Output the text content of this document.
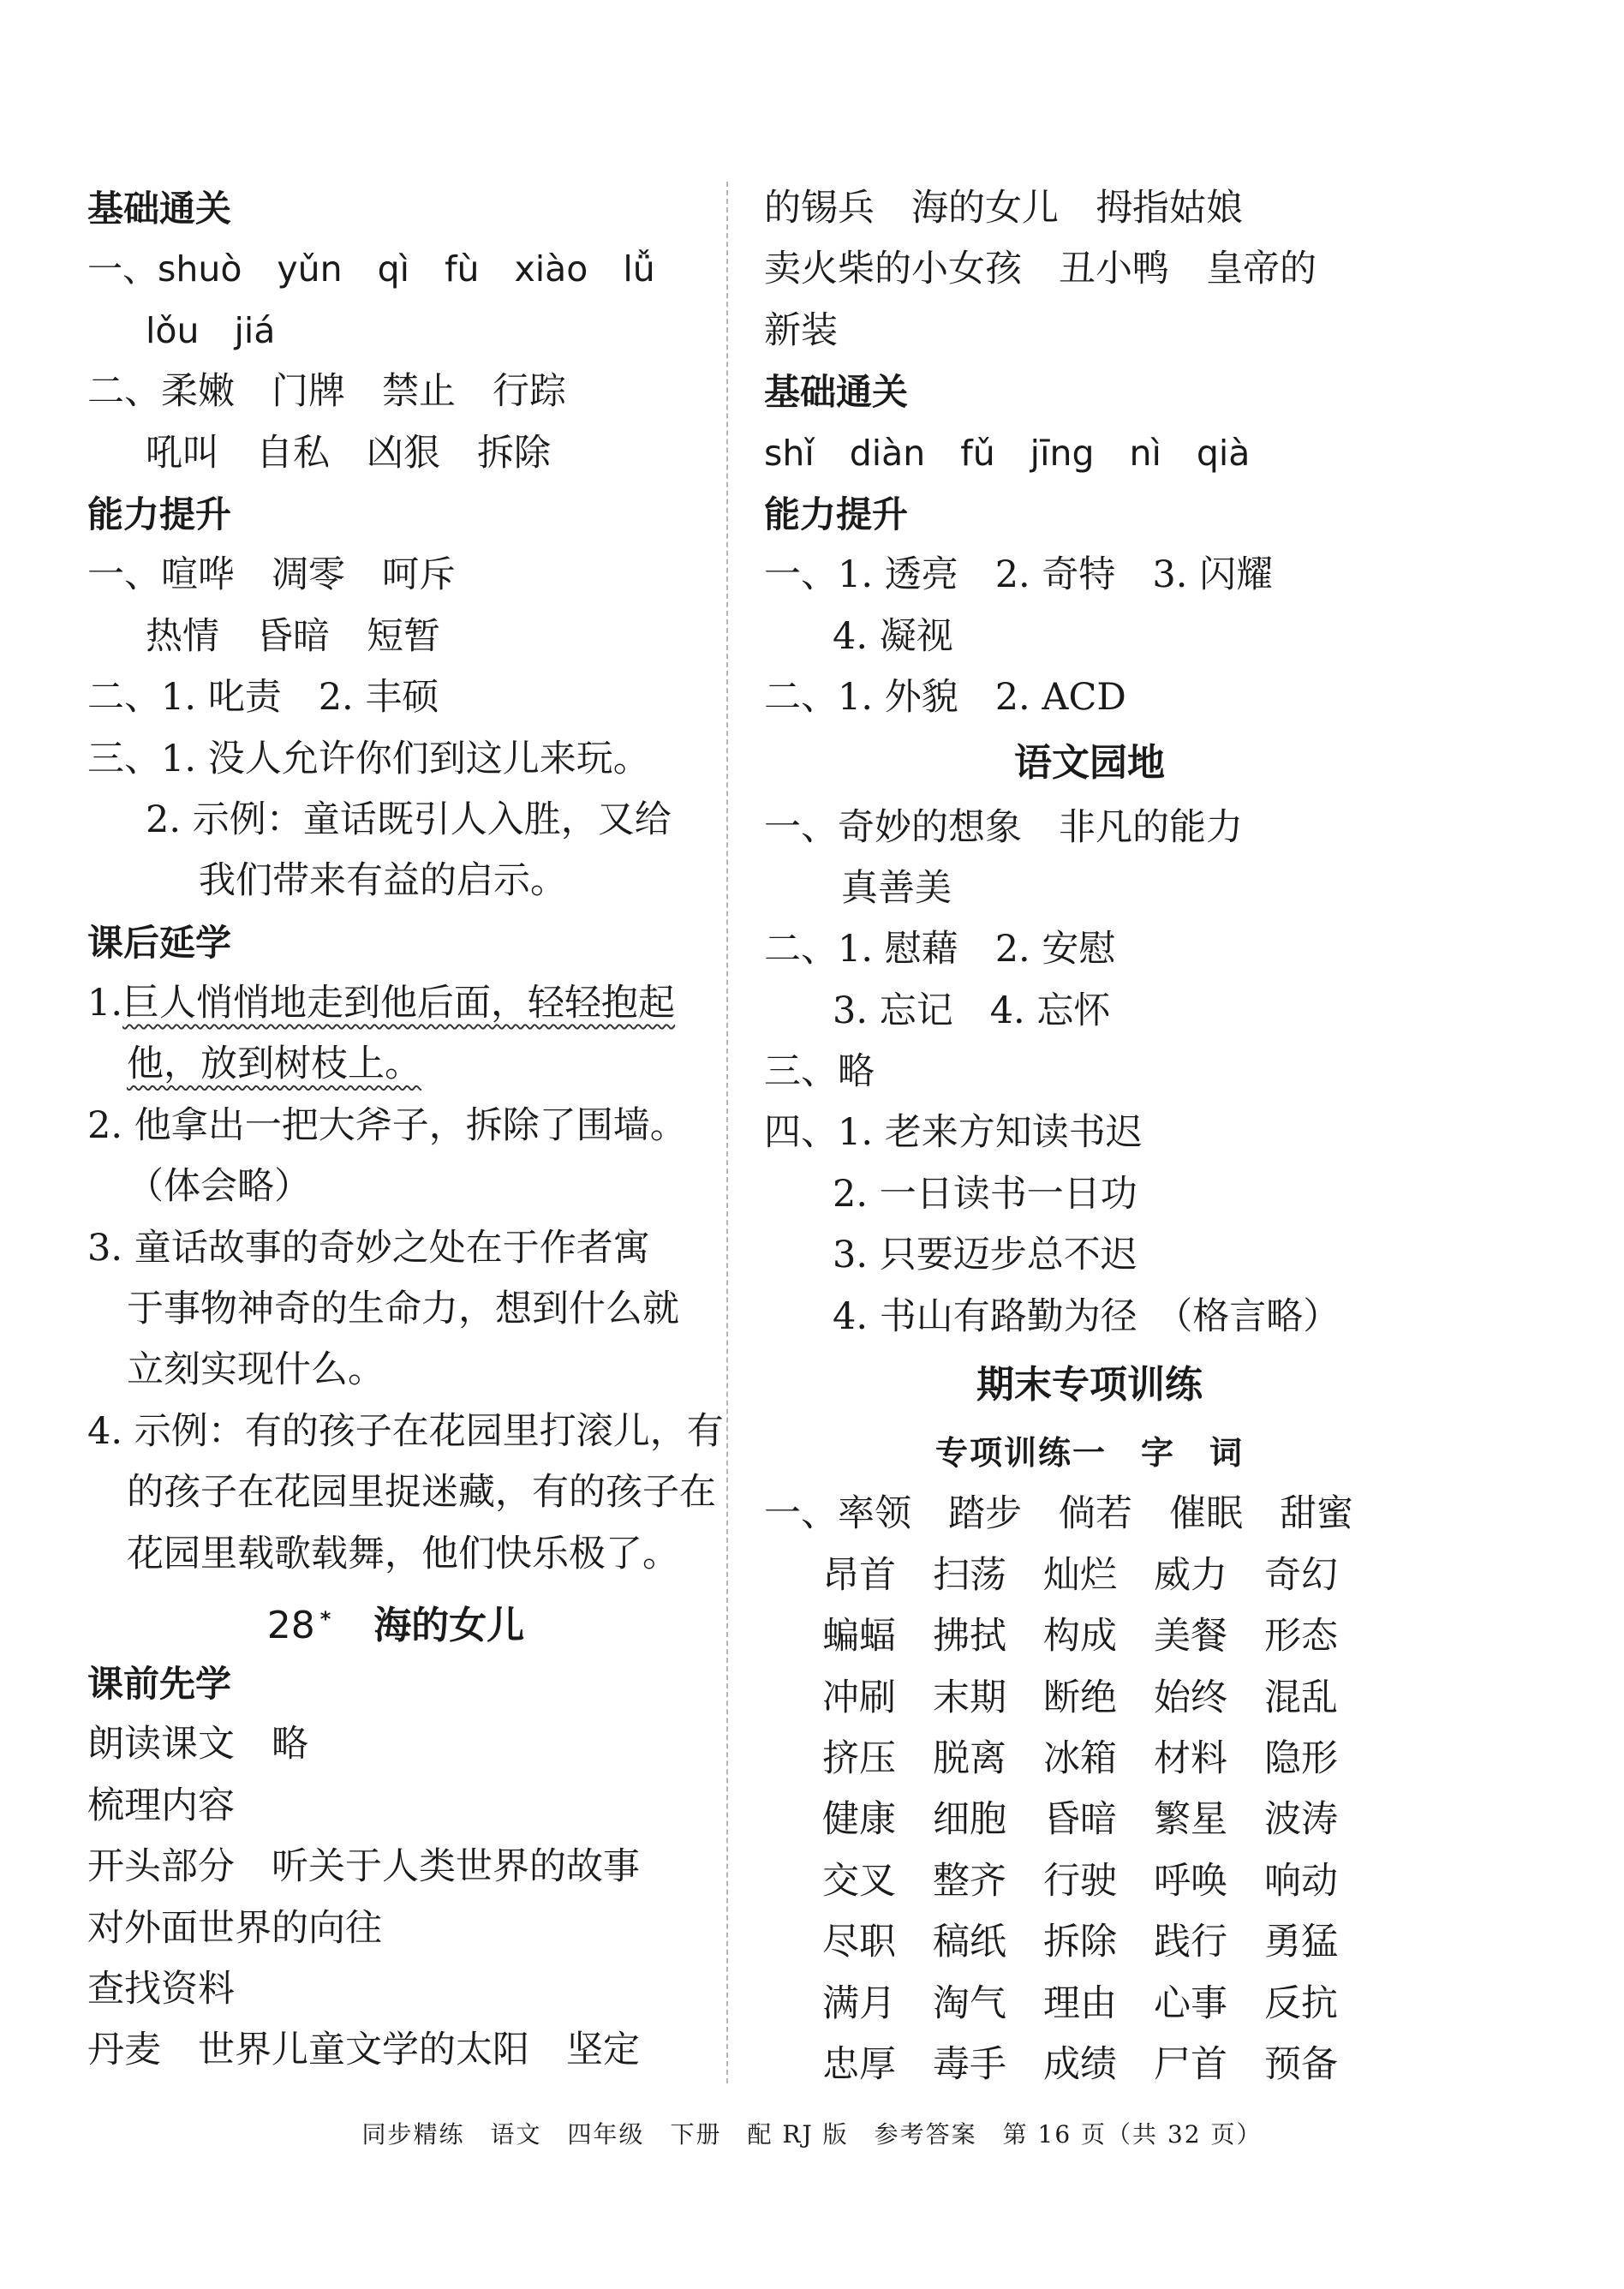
基础通关
一、shuò　yǔn　qì　fù　xiào　lǚ
lǒu　jiá
二、柔嫩　门牌　禁止　行踪
吼叫　自私　凶狠　拆除
能力提升
一、喧哗　凋零　呵斥
热情　昏暗　短暂
二、1. 叱责　2. 丰硕
三、1. 没人允许你们到这儿来玩。
2. 示例：童话既引人入胜，又给
我们带来有益的启示。
课后延学
1.巨人悄悄地走到他后面，轻轻抱起
他，放到树枝上。
2. 他拿出一把大斧子，拆除了围墙。
（体会略）
3. 童话故事的奇妙之处在于作者寓
于事物神奇的生命力，想到什么就
立刻实现什么。
4. 示例：有的孩子在花园里打滚儿，有
的孩子在花园里捉迷藏，有的孩子在
花园里载歌载舞，他们快乐极了。
28 * 海的女儿
课前先学
朗读课文　略
梳理内容
开头部分　听关于人类世界的故事
对外面世界的向往
查找资料
丹麦　世界儿童文学的太阳　坚定
的锡兵　海的女儿　拇指姑娘
卖火柴的小女孩　丑小鸭　皇帝的
新装
基础通关
shǐ　diàn　fǔ　jīng　nì　qià
能力提升
一、1. 透亮　2. 奇特　3. 闪耀
4. 凝视
二、1. 外貌　2. ACD
语文园地
一、奇妙的想象　非凡的能力
真善美
二、1. 慰藉　2. 安慰
3. 忘记　4. 忘怀
三、略
四、1. 老来方知读书迟
2. 一日读书一日功
3. 只要迈步总不迟
4. 书山有路勤为径　（格言略）
期末专项训练
专项训练一　字　词
一、率领　踏步　倘若　催眠　甜蜜
昂首　扫荡　灿烂　威力　奇幻
蝙蝠　拂拭　构成　美餐　形态
冲刷　末期　断绝　始终　混乱
挤压　脱离　冰箱　材料　隐形
健康　细胞　昏暗　繁星　波涛
交叉　整齐　行驶　呼唤　响动
尽职　稿纸　拆除　践行　勇猛
满月　淘气　理由　心事　反抗
忠厚　毒手　成绩　尸首　预备
同步精练　语文　四年级　下册　配 RJ 版　参考答案　第 16 页（共 32 页）
